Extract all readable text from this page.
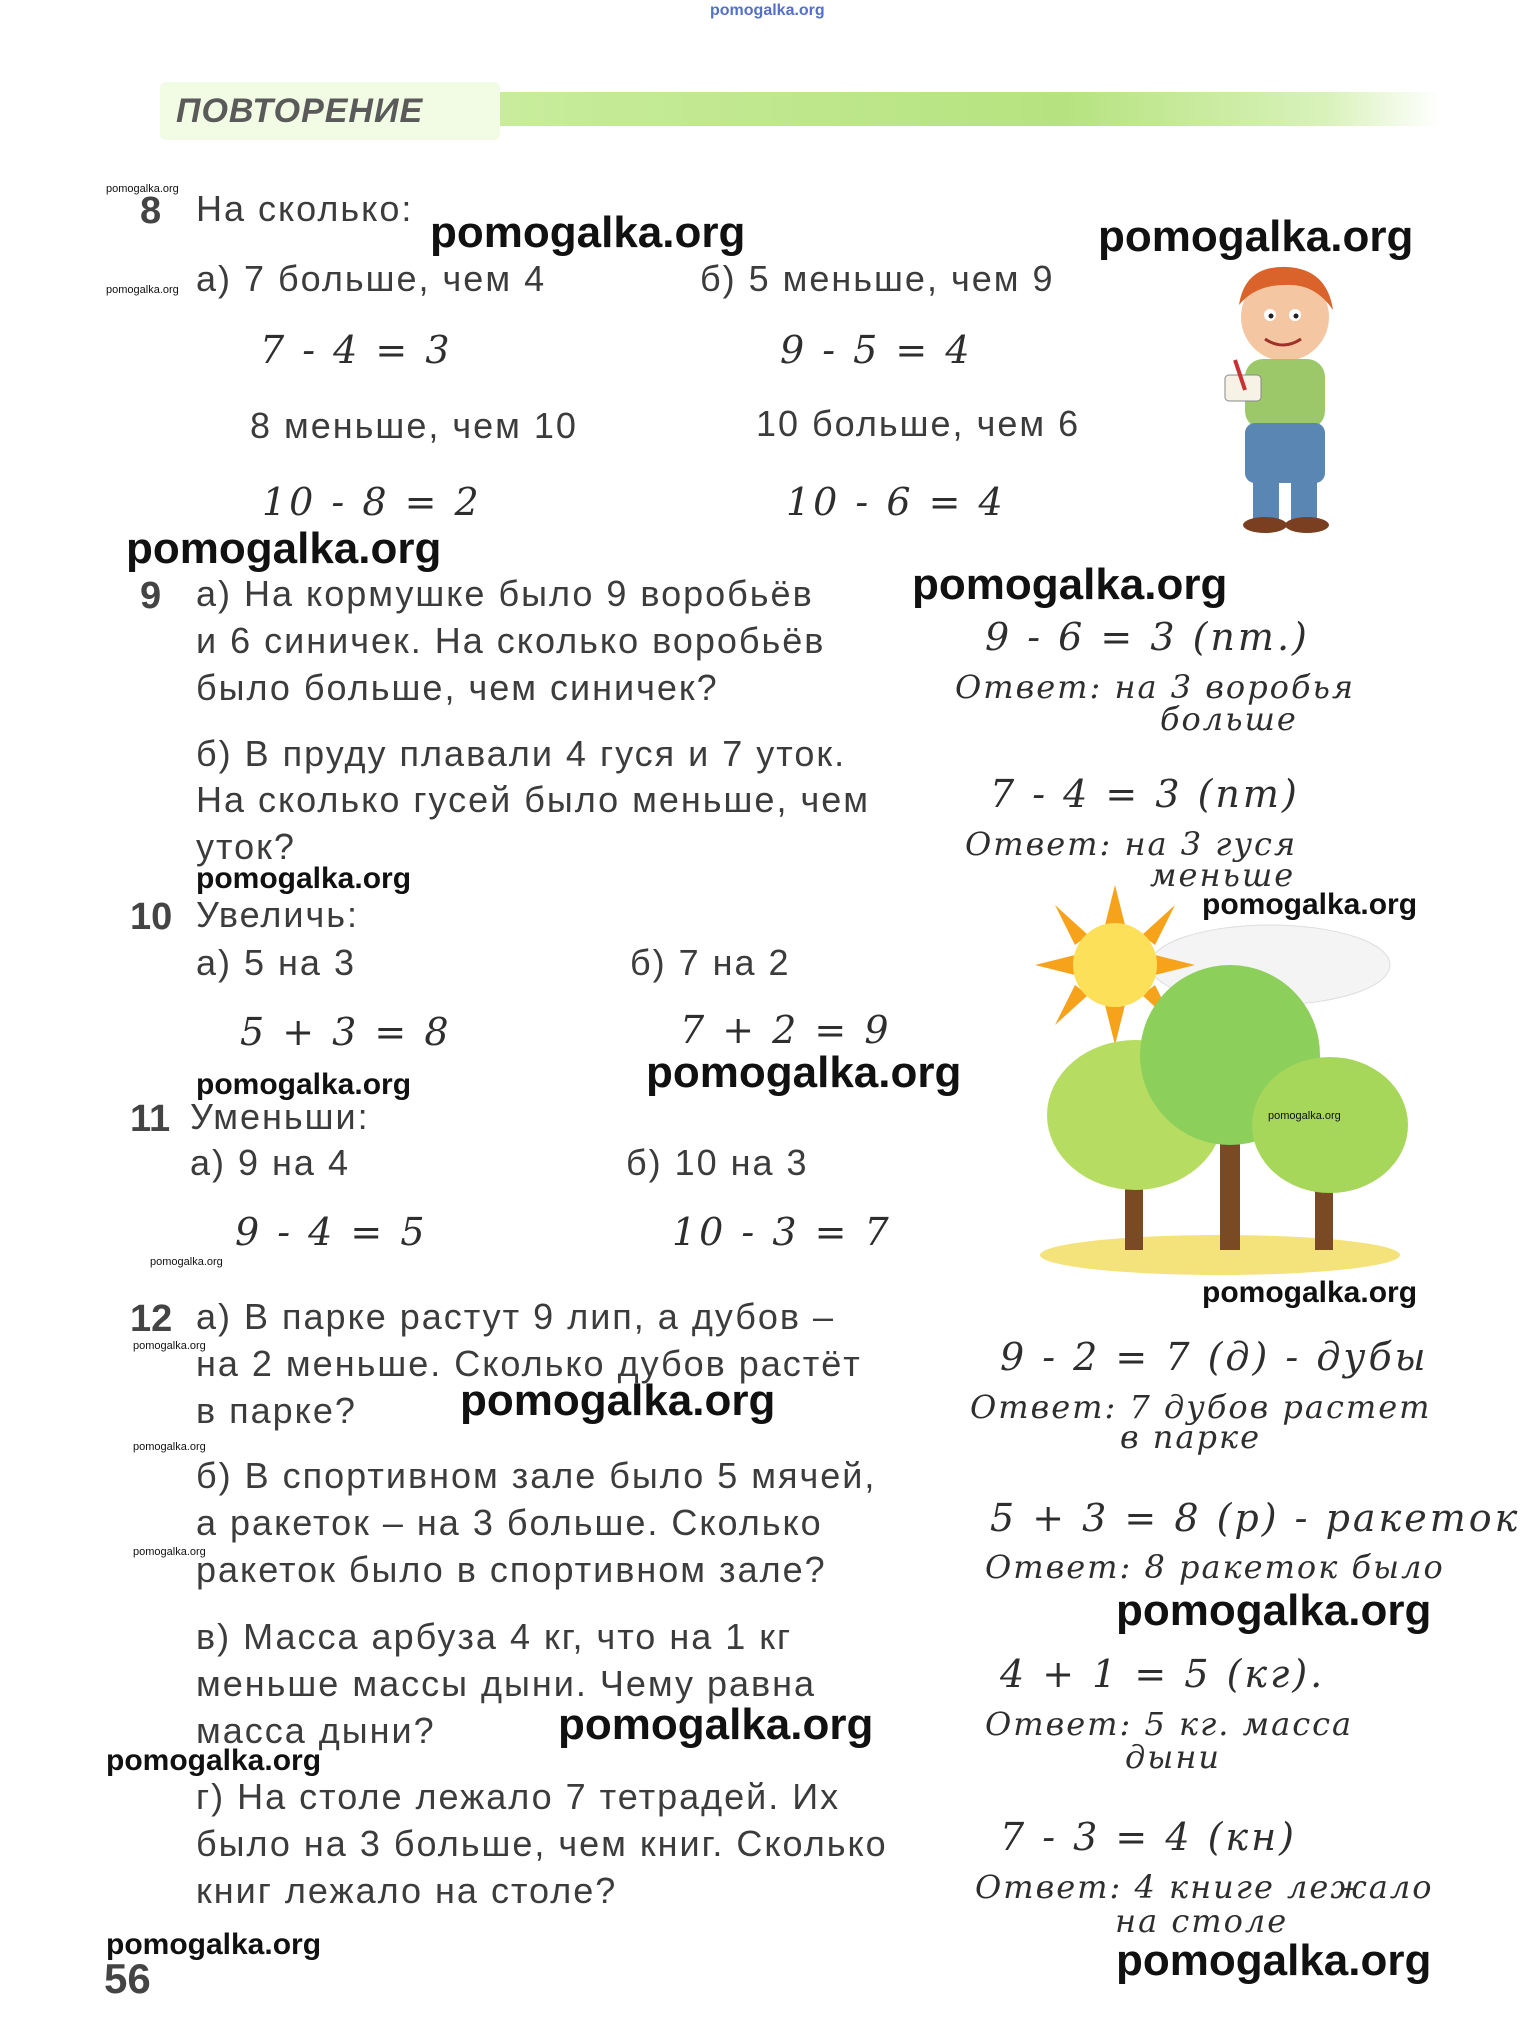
pomogalka.org
ПОВТОРЕНИЕ
8 На сколько:
а) 7 больше, чем 4	б) 5 меньше, чем 9
7 - 4 = 3	9 - 5 = 4
8 меньше, чем 10	10 больше, чем 6
10 - 8 = 2	10 - 6 = 4
9 а) На кормушке было 9 воробьёв
и 6 синичек. На сколько воробьёв
было больше, чем синичек?
9 - 6 = 3 (пт.)
Ответ: на 3 воробья
больше
б) В пруду плавали 4 гуся и 7 уток.
На сколько гусей было меньше, чем
уток?
7 - 4 = 3 (пт)
Ответ: на 3 гуся
меньше
10 Увеличь:
а) 5 на 3	б) 7 на 2
5 + 3 = 8	7 + 2 = 9
11 Уменьши:
а) 9 на 4	б) 10 на 3
9 - 4 = 5	10 - 3 = 7
12 а) В парке растут 9 лип, а дубов –
на 2 меньше. Сколько дубов растёт
в парке?
9 - 2 = 7 (д) - дубы
Ответ: 7 дубов растет
в парке
б) В спортивном зале было 5 мячей,
а ракеток – на 3 больше. Сколько
ракеток было в спортивном зале?
5 + 3 = 8 (р) - ракеток
Ответ: 8 ракеток было
в) Масса арбуза 4 кг, что на 1 кг
меньше массы дыни. Чему равна
масса дыни?
4 + 1 = 5 (кг).
Ответ: 5 кг. масса
дыни
г) На столе лежало 7 тетрадей. Их
было на 3 больше, чем книг. Сколько
книг лежало на столе?
7 - 3 = 4 (кн)
Ответ: 4 книге лежало
на столе
56
pomogalka.org	pomogalka.org
pomogalka.org
pomogalka.org
pomogalka.org
pomogalka.org
pomogalka.org	pomogalka.org
pomogalka.org
pomogalka.org
pomogalka.org
pomogalka.org
pomogalka.org
pomogalka.org	pomogalka.org
pomogalka.org
pomogalka.org
pomogalka.org
pomogalka.org
pomogalka.org
pomogalka.org
pomogalka.org
